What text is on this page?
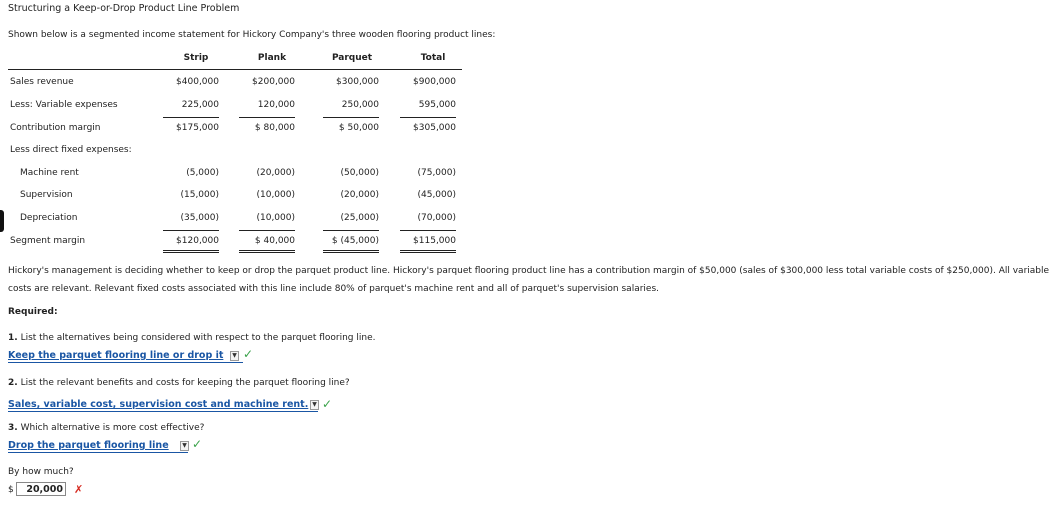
Structuring a Keep-or-Drop Product Line Problem
Shown below is a segmented income statement for Hickory Company's three wooden flooring product lines:
Strip	Plank	Parquet	Total
Sales revenue	$400,000	$200,000	$300,000	$900,000
Less: Variable expenses	225,000	120,000	250,000	595,000
Contribution margin	$175,000	$ 80,000	$ 50,000	$305,000
Less direct fixed expenses:
Machine rent	(5,000)	(20,000)	(50,000)	(75,000)
Supervision	(15,000)	(10,000)	(20,000)	(45,000)
Depreciation	(35,000)	(10,000)	(25,000)	(70,000)
Segment margin	$120,000	$ 40,000	$ (45,000)	$115,000
Hickory's management is deciding whether to keep or drop the parquet product line. Hickory's parquet flooring product line has a contribution margin of $50,000 (sales of $300,000 less total variable costs of $250,000). All variable costs are relevant. Relevant fixed costs associated with this line include 80% of parquet's machine rent and all of parquet's supervision salaries.
Required:
1. List the alternatives being considered with respect to the parquet flooring line.
Keep the parquet flooring line or drop it	▼ ✓
2. List the relevant benefits and costs for keeping the parquet flooring line?
Sales, variable cost, supervision cost and machine rent. ▼ ✓
3. Which alternative is more cost effective?
Drop the parquet flooring line	▼ ✓
By how much?
$	20,000 ✗
